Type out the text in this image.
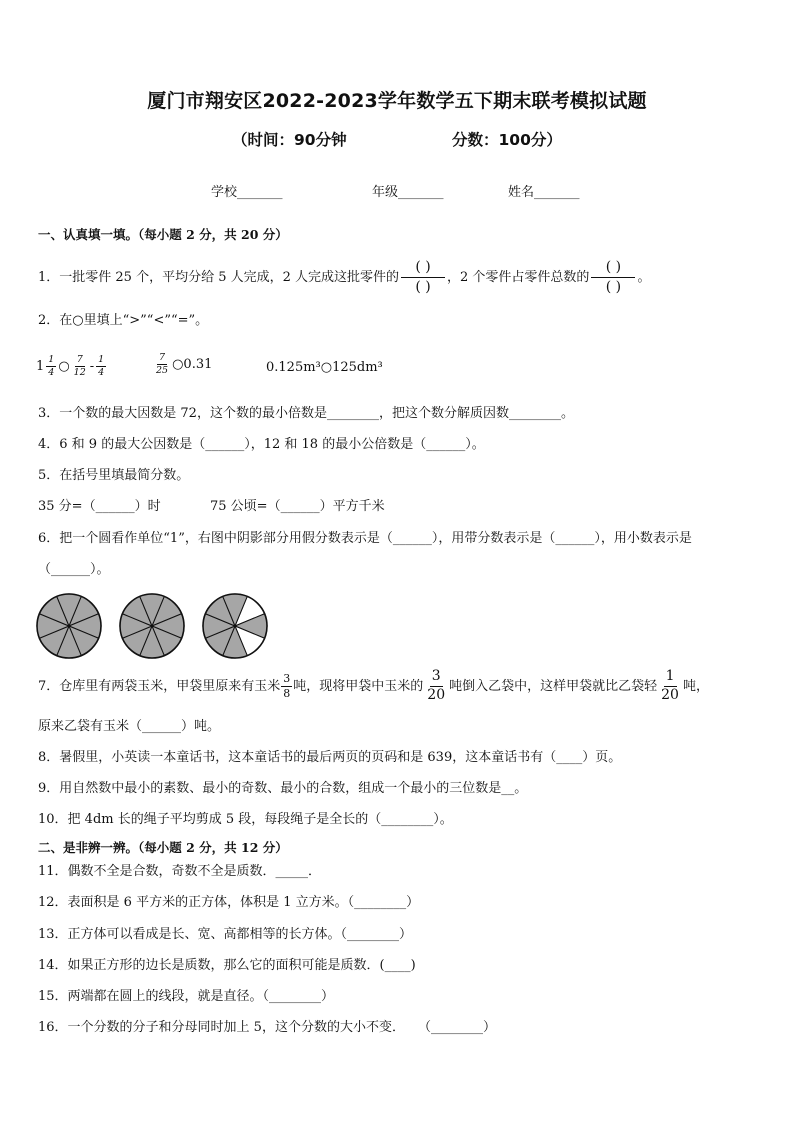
厦门市翔安区2022-2023学年数学五下期末联考模拟试题
（时间：90分钟	分数：100分）
学校_______	年级_______	姓名_______
一、认真填一填。（每小题 2 分，共 20 分）
1．一批零件 25 个，平均分给 5 人完成，2 人完成这批零件的
( )
( )
，2 个零件占零件总数的
( )
( )
。
2．在○里填上“>”“<”“=”。
$1 \frac{1}{4}$ ○ $\frac{7}{12} - \frac{1}{4}$	$\frac{7}{25}$ ○0.31	0.125m³○125dm³
3．一个数的最大因数是 72，这个数的最小倍数是________，把这个数分解质因数________。
4．6 和 9 的最大公因数是（______），12 和 18 的最小公倍数是（______）。
5．在括号里填最简分数。
35 分=（______）时	75 公顷=（______）平方千米
6．把一个圆看作单位“1”，右图中阴影部分用假分数表示是（______），用带分数表示是（______），用小数表示是
（______）。
7．仓库里有两袋玉米，甲袋里原来有玉米 $\frac{3}{8}$ 吨，现将甲袋中玉米的 $\frac{3}{20}$ 吨倒入乙袋中，这样甲袋就比乙袋轻 $\frac{1}{20}$ 吨，
原来乙袋有玉米（______）吨。
8．暑假里，小英读一本童话书，这本童话书的最后两页的页码和是 639，这本童话书有（____）页。
9．用自然数中最小的素数、最小的奇数、最小的合数，组成一个最小的三位数是__。
10．把 4dm 长的绳子平均剪成 5 段，每段绳子是全长的（________）。
二、是非辨一辨。（每小题 2 分，共 12 分）
11．偶数不全是合数，奇数不全是质数．_____．
12．表面积是 6 平方米的正方体，体积是 1 立方米。（________）
13．正方体可以看成是长、宽、高都相等的长方体。（________）
14．如果正方形的边长是质数，那么它的面积可能是质数．(____)
15．两端都在圆上的线段，就是直径。（________）
16．一个分数的分子和分母同时加上 5，这个分数的大小不变．　　（________）
